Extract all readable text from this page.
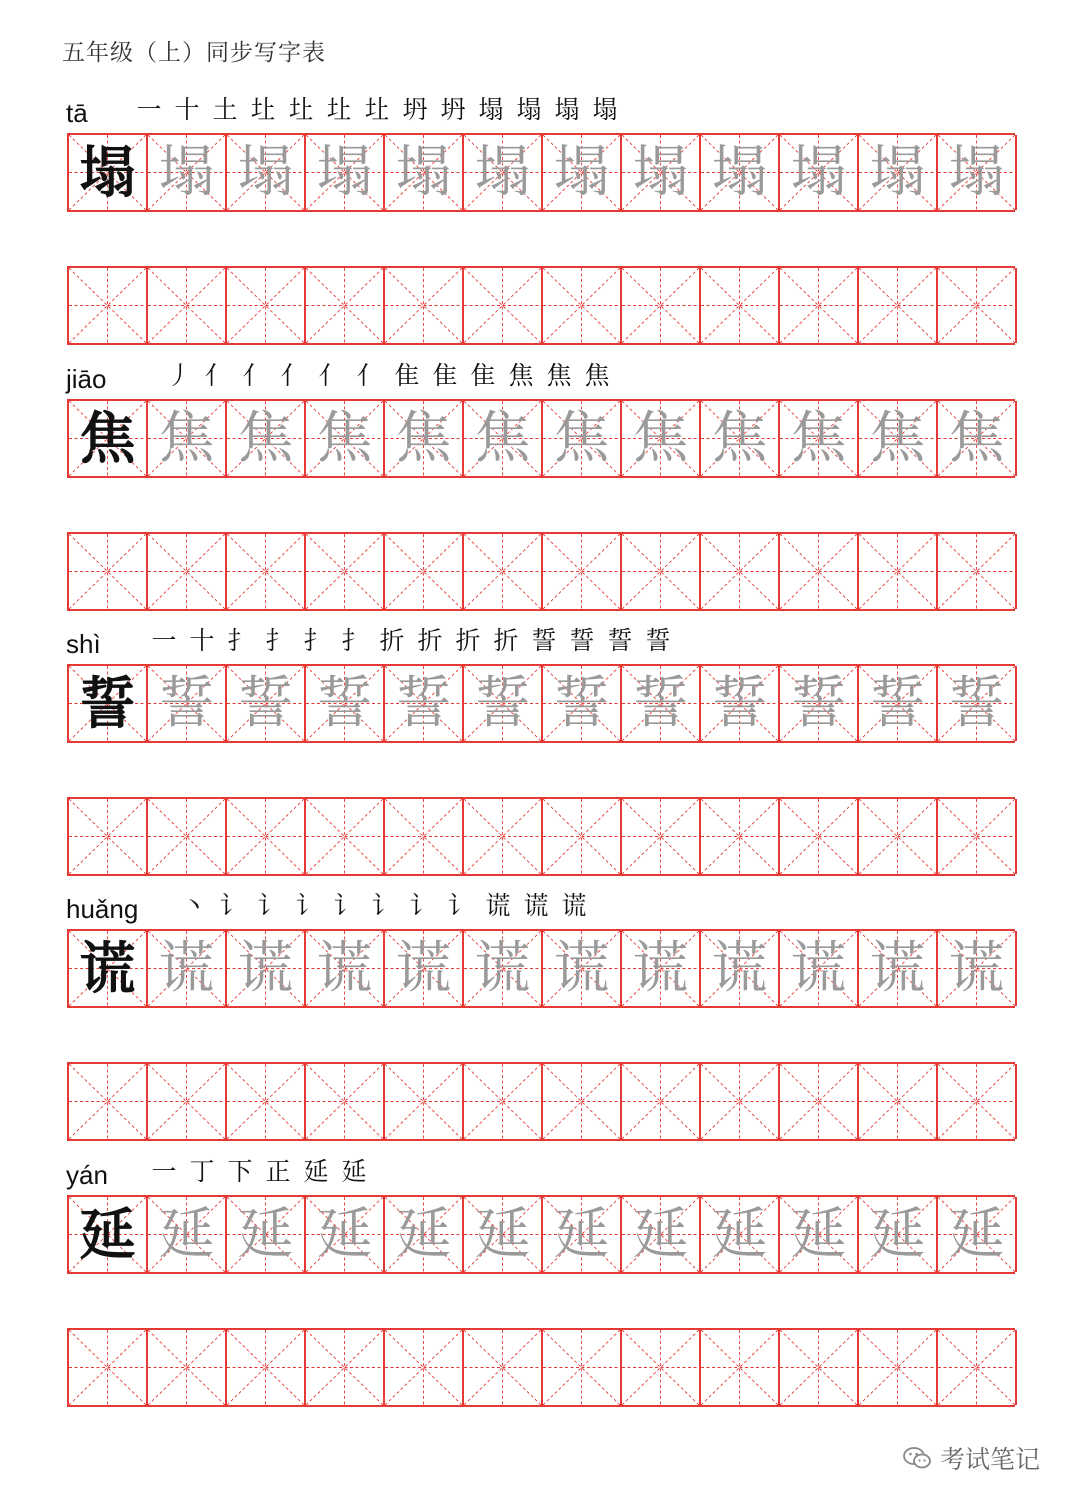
五年级（上）同步写字表
tā 一 十 土 圵 圵 圵 圵 坍 坍 塌 塌 塌 塌
塌 塌 塌 塌 塌 塌 塌 塌 塌 塌 塌 塌
jiāo 丿 亻 亻 亻 亻 亻 隹 隹 隹 焦 焦 焦
焦 焦 焦 焦 焦 焦 焦 焦 焦 焦 焦 焦
shì 一 十 扌 扌 扌 扌 折 折 折 折 誓 誓 誓 誓
誓 誓 誓 誓 誓 誓 誓 誓 誓 誓 誓 誓
huǎng 丶 讠 讠 讠 讠 讠 讠 讠 谎 谎 谎
谎 谎 谎 谎 谎 谎 谎 谎 谎 谎 谎 谎
yán 一 丁 下 正 延 延
延 延 延 延 延 延 延 延 延 延 延 延
考试笔记
